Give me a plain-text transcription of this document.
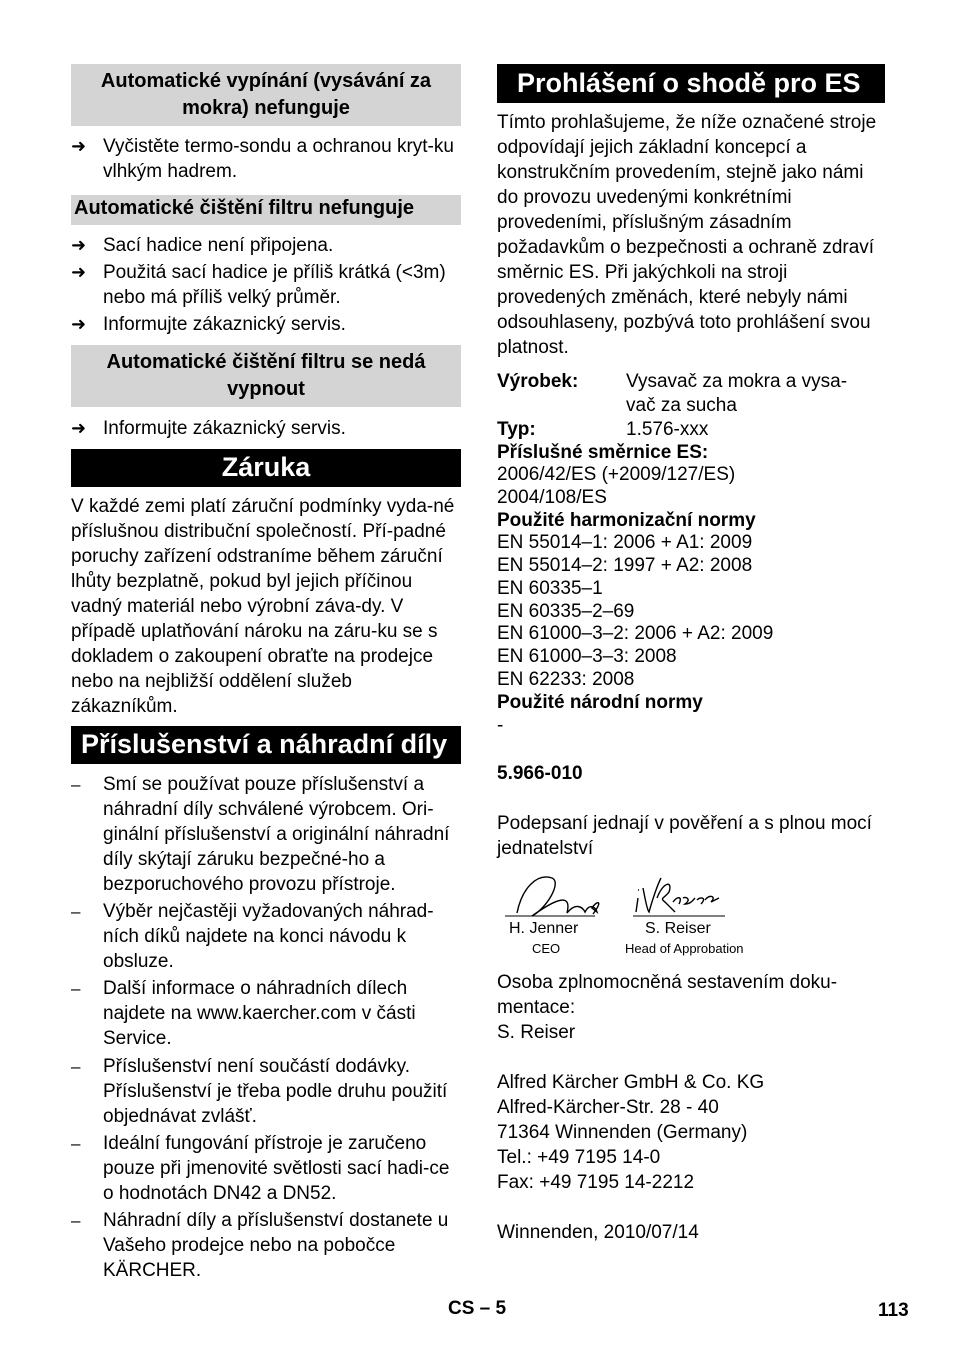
Automatické vypínání (vysávání za mokra) nefunguje
➜ Vyčistěte termo-sondu a ochranou kryt-ku vlhkým hadrem.
Automatické čištění filtru nefunguje
➜ Sací hadice není připojena.
➜ Použitá sací hadice je příliš krátká (<3m) nebo má příliš velký průměr.
➜ Informujte zákaznický servis.
Automatické čištění filtru se nedá vypnout
➜ Informujte zákaznický servis.
Záruka

V každé zemi platí záruční podmínky vyda-né příslušnou distribuční společností. Pří-padné poruchy zařízení odstraníme během záruční lhůty bezplatně, pokud byl jejich příčinou vadný materiál nebo výrobní záva-dy. V případě uplatňování nároku na záru-ku se s dokladem o zakoupení obraťte na prodejce nebo na nejbližší oddělení služeb zákazníkům.

Příslušenství a náhradní díly
–	Smí se používat pouze příslušenství a náhradní díly schválené výrobcem. Ori-ginální příslušenství a originální náhradní díly skýtají záruku bezpečné-ho a bezporuchového provozu přístroje.
–	Výběr nejčastěji vyžadovaných náhrad-ních díků najdete na konci návodu k obsluze.
–	Další informace o náhradních dílech najdete na www.kaercher.com v části Service.
–	Příslušenství není součástí dodávky. Příslušenství je třeba podle druhu použití objednávat zvlášť.
–	Ideální fungování přístroje je zaručeno pouze při jmenovité světlosti sací hadi-ce o hodnotách DN42 a DN52.
–	Náhradní díly a příslušenství dostanete u Vašeho prodejce nebo na pobočce KÄRCHER.
Prohlášení o shodě pro ES

Tímto prohlašujeme, že níže označené stroje odpovídají jejich základní koncepcí a konstrukčním provedením, stejně jako námi do provozu uvedenými konkrétními provedeními, příslušným zásadním požadavkům o bezpečnosti a ochraně zdraví směrnic ES. Při jakýchkoli na stroji provedených změnách, které nebyly námi odsouhlaseny, pozbývá toto prohlášení svou platnost.

Výrobek:	Vysavač za mokra a vysa-
vač za sucha
Typ:	1.576-xxx
Příslušné směrnice ES:
2006/42/ES (+2009/127/ES)
2004/108/ES
Použité harmonizační normy
EN 55014–1: 2006 + A1: 2009
EN 55014–2: 1997 + A2: 2008
EN 60335–1
EN 60335–2–69
EN 61000–3–2: 2006 + A2: 2009
EN 61000–3–3: 2008
EN 62233: 2008
Použité národní normy
-
5.966-010

Podepsaní jednají v pověření a s plnou mocí jednatelství

H. Jenner
CEO
S. Reiser
Head of Approbation

Osoba zplnomocněná sestavením doku-mentace:

S. Reiser

Alfred Kärcher GmbH & Co. KG

Alfred-Kärcher-Str. 28 - 40

71364 Winnenden (Germany)

Tel.: +49 7195 14-0

Fax: +49 7195 14-2212

Winnenden, 2010/07/14

CS – 5	113
